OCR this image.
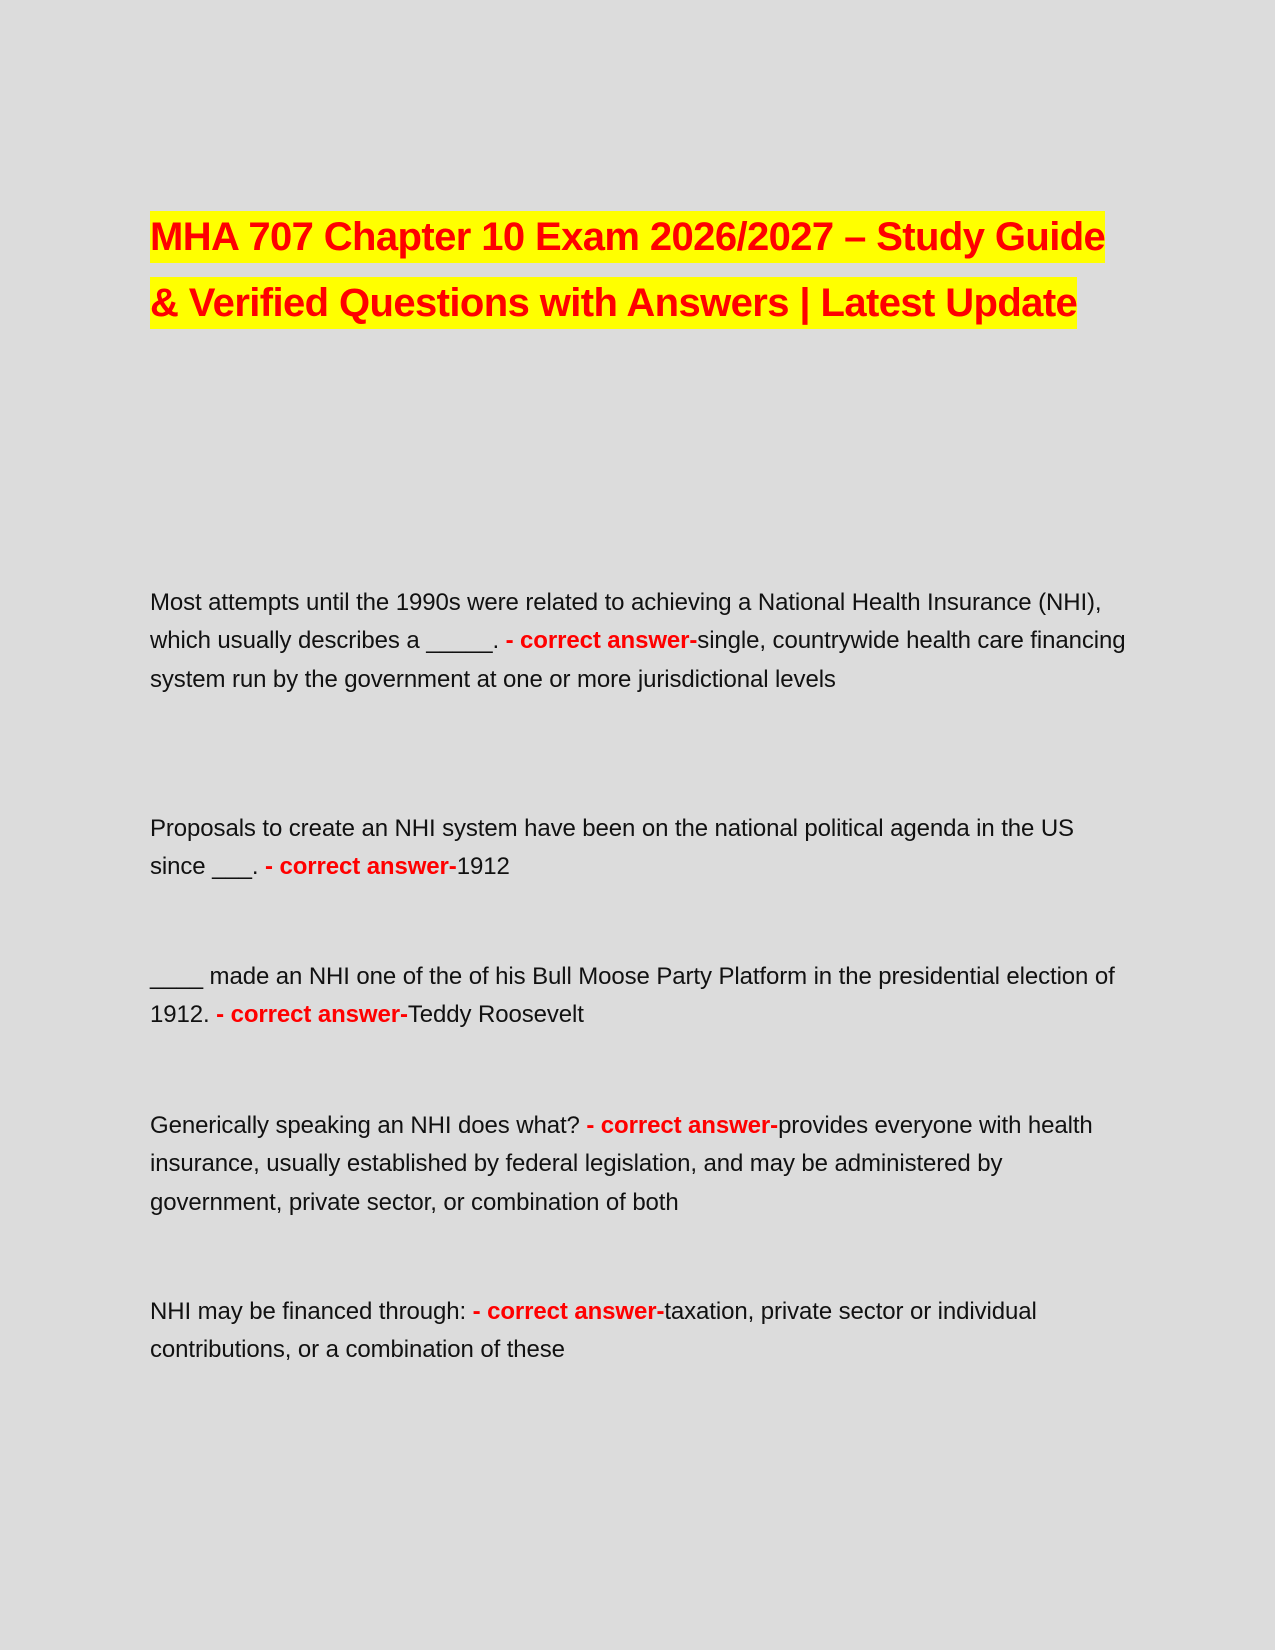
MHA 707 Chapter 10 Exam 2026/2027 – Study Guide & Verified Questions with Answers | Latest Update
Most attempts until the 1990s were related to achieving a National Health Insurance (NHI), which usually describes a _____. - correct answer-single, countrywide health care financing system run by the government at one or more jurisdictional levels
Proposals to create an NHI system have been on the national political agenda in the US since ___. - correct answer-1912
____ made an NHI one of the of his Bull Moose Party Platform in the presidential election of 1912. - correct answer-Teddy Roosevelt
Generically speaking an NHI does what? - correct answer-provides everyone with health insurance, usually established by federal legislation, and may be administered by government, private sector, or combination of both
NHI may be financed through: - correct answer-taxation, private sector or individual contributions, or a combination of these
